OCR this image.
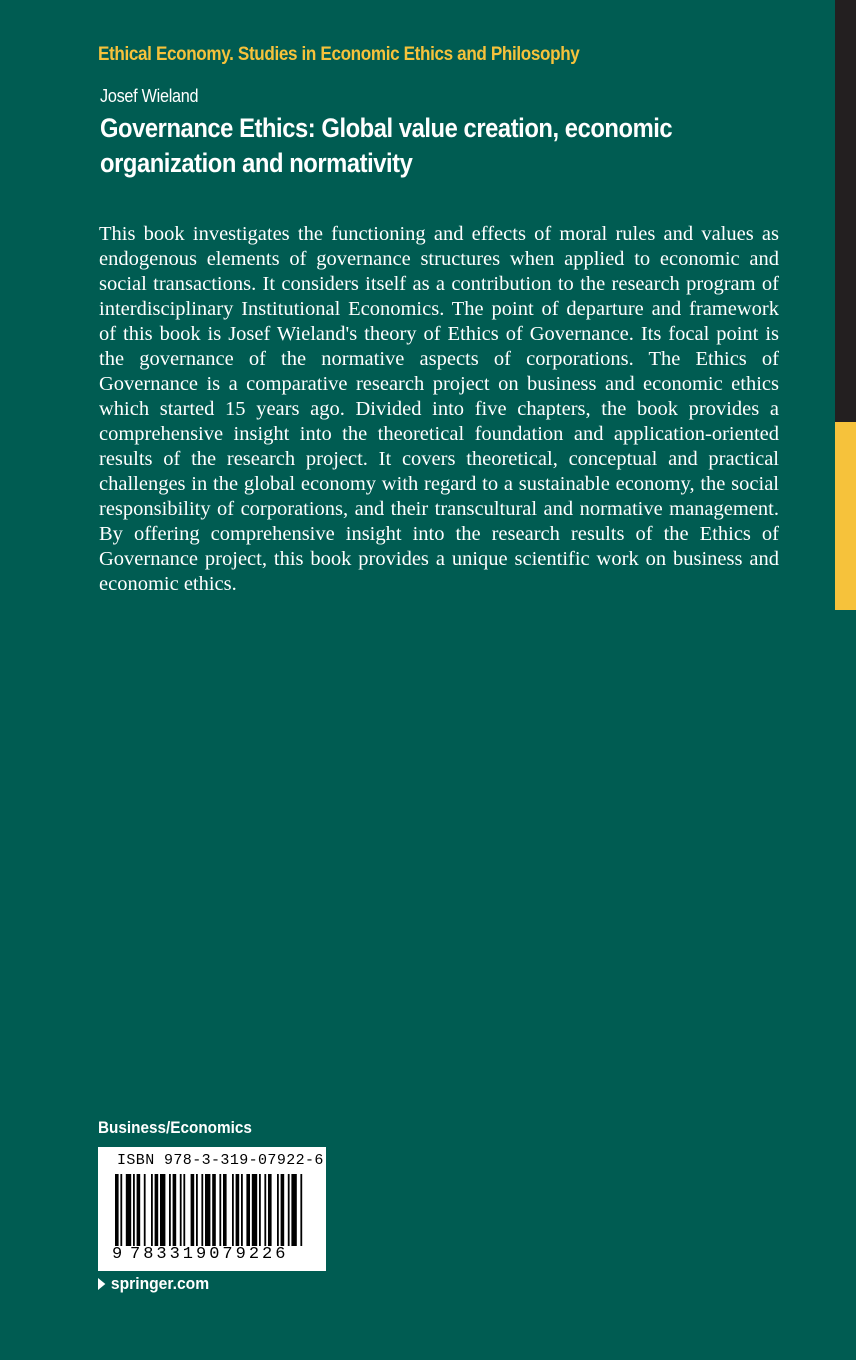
Ethical Economy. Studies in Economic Ethics and Philosophy
Josef Wieland
Governance Ethics: Global value creation, economic organization and normativity
This book investigates the functioning and effects of moral rules and values as endogenous elements of governance structures when applied to economic and social transactions. It considers itself as a contribution to the research program of interdisciplinary Institutional Economics. The point of departure and framework of this book is Josef Wieland's theory of Ethics of Governance. Its focal point is the governance of the normative aspects of corporations. The Ethics of Governance is a comparative research project on business and economic ethics which started 15 years ago. Divided into five chapters, the book provides a comprehensive insight into the theoretical foundation and application-oriented results of the research project. It covers theoretical, conceptual and practical challenges in the global economy with regard to a sustainable economy, the social responsibility of corporations, and their transcultural and normative management. By offering comprehensive insight into the research results of the Ethics of Governance project, this book provides a unique scientific work on business and economic ethics.
Business/Economics
ISBN 978-3-319-07922-6
9 783319079226
springer.com
